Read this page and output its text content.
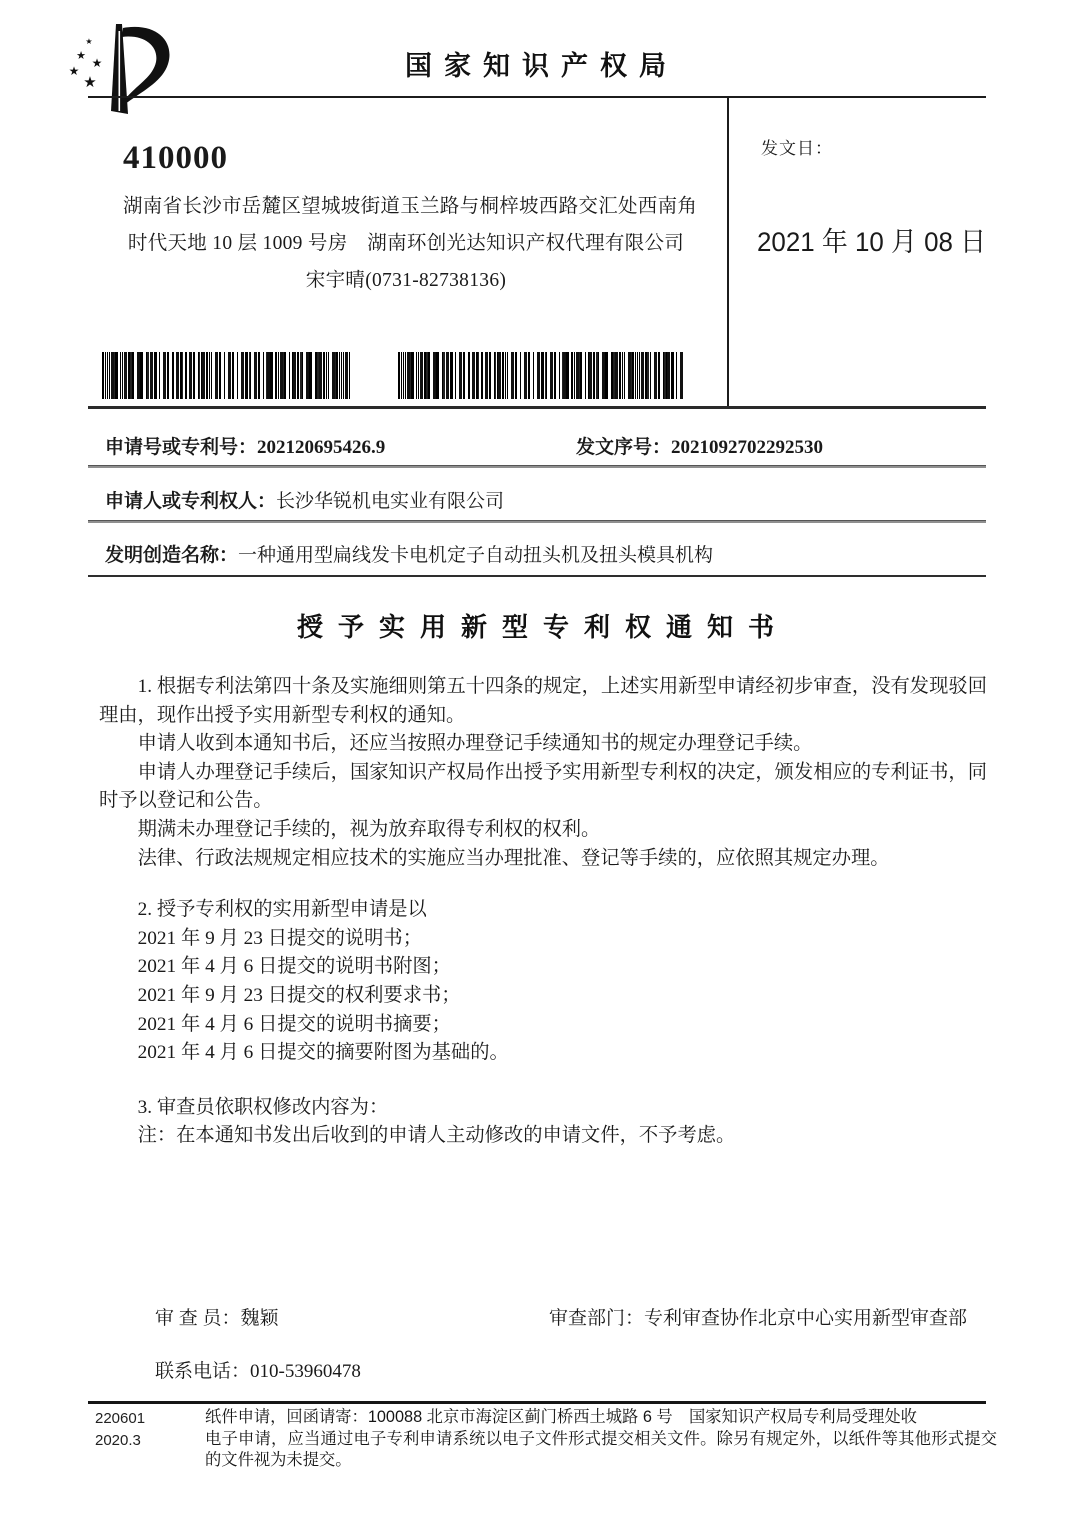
★
★ ★
★
★
国家知识产权局
发文日：
2021 年 10 月 08 日
410000
湖南省长沙市岳麓区望城坡街道玉兰路与桐梓坡西路交汇处西南角
时代天地 10 层 1009 号房　湖南环创光达知识产权代理有限公司
宋宇晴(0731-82738136)
申请号或专利号：202120695426.9	发文序号：2021092702292530
申请人或专利权人：长沙华锐机电实业有限公司
发明创造名称：一种通用型扁线发卡电机定子自动扭头机及扭头模具机构
授予实用新型专利权通知书

1. 根据专利法第四十条及实施细则第五十四条的规定，上述实用新型申请经初步审查，没有发现驳回理由，现作出授予实用新型专利权的通知。

申请人收到本通知书后，还应当按照办理登记手续通知书的规定办理登记手续。

申请人办理登记手续后，国家知识产权局作出授予实用新型专利权的决定，颁发相应的专利证书，同时予以登记和公告。

期满未办理登记手续的，视为放弃取得专利权的权利。

法律、行政法规规定相应技术的实施应当办理批准、登记等手续的，应依照其规定办理。

2. 授予专利权的实用新型申请是以

2021 年 9 月 23 日提交的说明书；

2021 年 4 月 6 日提交的说明书附图；

2021 年 9 月 23 日提交的权利要求书；

2021 年 4 月 6 日提交的说明书摘要；

2021 年 4 月 6 日提交的摘要附图为基础的。

3. 审查员依职权修改内容为：

注：在本通知书发出后收到的申请人主动修改的申请文件，不予考虑。

审 查 员：魏颖	审查部门：专利审查协作北京中心实用新型审查部
联系电话：010-53960478
220601
2020.3
纸件申请，回函请寄：100088 北京市海淀区蓟门桥西土城路 6 号　国家知识产权局专利局受理处收
电子申请，应当通过电子专利申请系统以电子文件形式提交相关文件。除另有规定外，以纸件等其他形式提交的文件视为未提交。
